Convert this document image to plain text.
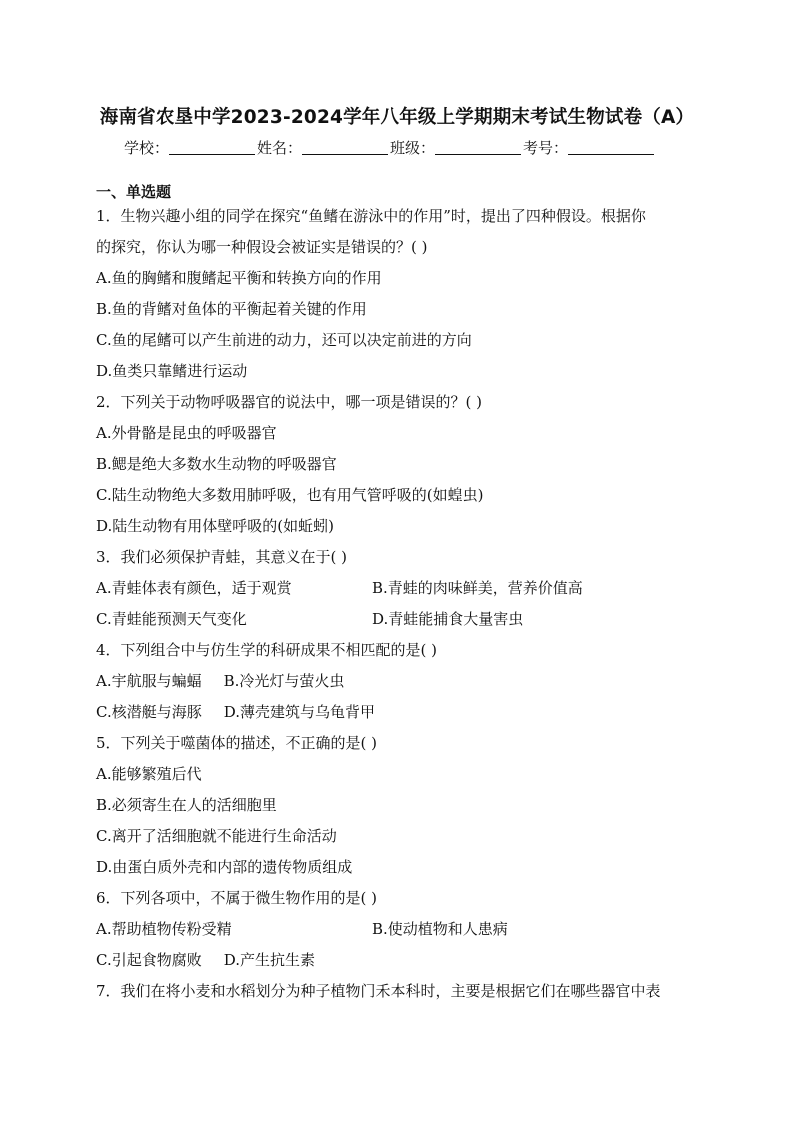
海南省农垦中学2023-2024学年八年级上学期期末考试生物试卷（A）
学校：	姓名：	班级：	考号：
一、单选题
1．生物兴趣小组的同学在探究“鱼鳍在游泳中的作用”时，提出了四种假设。根据你
的探究，你认为哪一种假设会被证实是错误的？( )
A.鱼的胸鳍和腹鳍起平衡和转换方向的作用
B.鱼的背鳍对鱼体的平衡起着关键的作用
C.鱼的尾鳍可以产生前进的动力，还可以决定前进的方向
D.鱼类只靠鳍进行运动
2．下列关于动物呼吸器官的说法中，哪一项是错误的？( )
A.外骨骼是昆虫的呼吸器官
B.鳃是绝大多数水生动物的呼吸器官
C.陆生动物绝大多数用肺呼吸，也有用气管呼吸的(如蝗虫)
D.陆生动物有用体壁呼吸的(如蚯蚓)
3．我们必须保护青蛙，其意义在于( )
A.青蛙体表有颜色，适于观赏	B.青蛙的肉味鲜美，营养价值高
C.青蛙能预测天气变化	D.青蛙能捕食大量害虫
4．下列组合中与仿生学的科研成果不相匹配的是( )
A.宇航服与蝙蝠 B.冷光灯与萤火虫
C.核潜艇与海豚 D.薄壳建筑与乌龟背甲
5．下列关于噬菌体的描述，不正确的是( )
A.能够繁殖后代
B.必须寄生在人的活细胞里
C.离开了活细胞就不能进行生命活动
D.由蛋白质外壳和内部的遗传物质组成
6．下列各项中，不属于微生物作用的是( )
A.帮助植物传粉受精	B.使动植物和人患病
C.引起食物腐败 D.产生抗生素
7．我们在将小麦和水稻划分为种子植物门禾本科时，主要是根据它们在哪些器官中表
